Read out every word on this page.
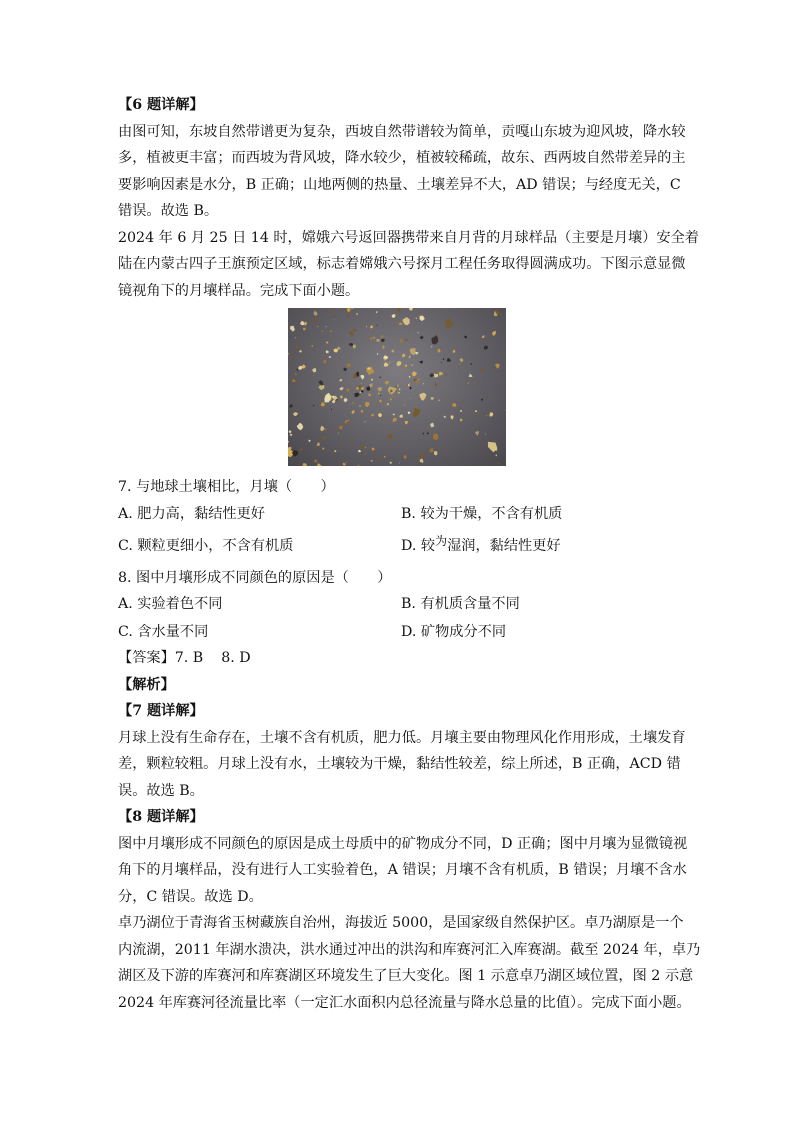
【6 题详解】
由图可知，东坡自然带谱更为复杂，西坡自然带谱较为简单，贡嘎山东坡为迎风坡，降水较
多，植被更丰富；而西坡为背风坡，降水较少，植被较稀疏，故东、西两坡自然带差异的主
要影响因素是水分，B 正确；山地两侧的热量、土壤差异不大，AD 错误；与经度无关，C
错误。故选 B。
2024 年 6 月 25 日 14 时，嫦娥六号返回器携带来自月背的月球样品（主要是月壤）安全着
陆在内蒙古四子王旗预定区域，标志着嫦娥六号探月工程任务取得圆满成功。下图示意显微
镜视角下的月壤样品。完成下面小题。
7. 与地球土壤相比，月壤（　　）
A. 肥力高，黏结性更好	B. 较为干燥，不含有机质
C. 颗粒更细小，不含有机质	D. 较$^为$湿润，黏结性更好
8. 图中月壤形成不同颜色的原因是（　　）
A. 实验着色不同	B. 有机质含量不同
C. 含水量不同	D. 矿物成分不同
【答案】7. B 8. D
【解析】
【7 题详解】
月球上没有生命存在，土壤不含有机质，肥力低。月壤主要由物理风化作用形成，土壤发育
差，颗粒较粗。月球上没有水，土壤较为干燥，黏结性较差，综上所述，B 正确，ACD 错
误。故选 B。
【8 题详解】
图中月壤形成不同颜色的原因是成土母质中的矿物成分不同，D 正确；图中月壤为显微镜视
角下的月壤样品，没有进行人工实验着色，A 错误；月壤不含有机质，B 错误；月壤不含水
分，C 错误。故选 D。
卓乃湖位于青海省玉树藏族自治州，海拔近 5000，是国家级自然保护区。卓乃湖原是一个
内流湖，2011 年湖水溃决，洪水通过冲出的洪沟和库赛河汇入库赛湖。截至 2024 年，卓乃
湖区及下游的库赛河和库赛湖区环境发生了巨大变化。图 1 示意卓乃湖区域位置，图 2 示意
2024 年库赛河径流量比率（一定汇水面积内总径流量与降水总量的比值）。完成下面小题。
